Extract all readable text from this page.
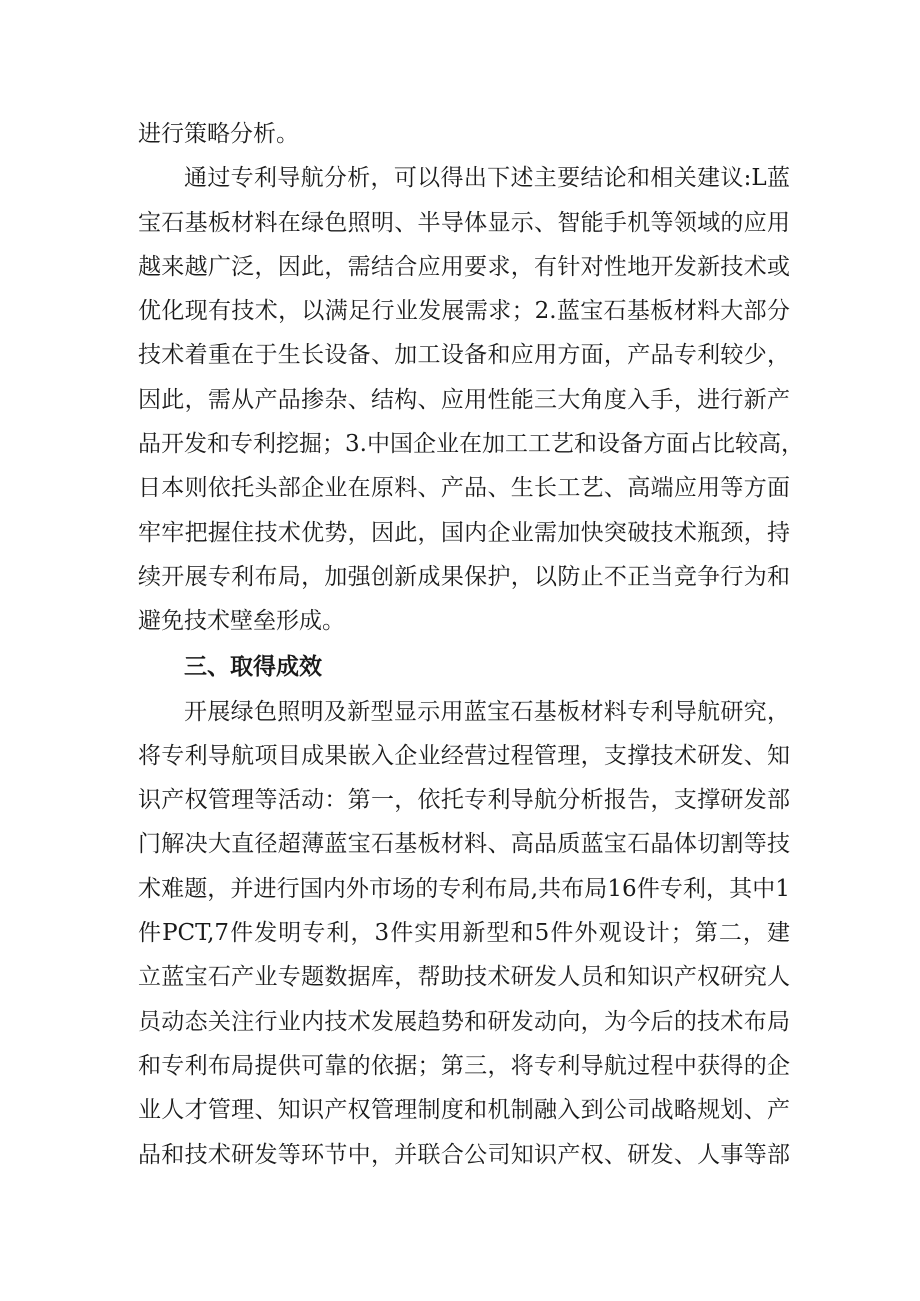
进行策略分析。
通过专利导航分析，可以得出下述主要结论和相关建议:L蓝
宝石基板材料在绿色照明、半导体显示、智能手机等领域的应用
越来越广泛，因此，需结合应用要求，有针对性地开发新技术或
优化现有技术，以满足行业发展需求；2.蓝宝石基板材料大部分
技术着重在于生长设备、加工设备和应用方面，产品专利较少，
因此，需从产品掺杂、结构、应用性能三大角度入手，进行新产
品开发和专利挖掘；3.中国企业在加工工艺和设备方面占比较高，
日本则依托头部企业在原料、产品、生长工艺、高端应用等方面
牢牢把握住技术优势，因此，国内企业需加快突破技术瓶颈，持
续开展专利布局，加强创新成果保护，以防止不正当竞争行为和
避免技术壁垒形成。
三、取得成效
开展绿色照明及新型显示用蓝宝石基板材料专利导航研究，
将专利导航项目成果嵌入企业经营过程管理，支撑技术研发、知
识产权管理等活动：第一，依托专利导航分析报告，支撑研发部
门解决大直径超薄蓝宝石基板材料、高品质蓝宝石晶体切割等技
术难题，并进行国内外市场的专利布局,共布局16件专利，其中1
件PCT,7件发明专利，3件实用新型和5件外观设计；第二，建
立蓝宝石产业专题数据库，帮助技术研发人员和知识产权研究人
员动态关注行业内技术发展趋势和研发动向，为今后的技术布局
和专利布局提供可靠的依据；第三，将专利导航过程中获得的企
业人才管理、知识产权管理制度和机制融入到公司战略规划、产
品和技术研发等环节中，并联合公司知识产权、研发、人事等部
